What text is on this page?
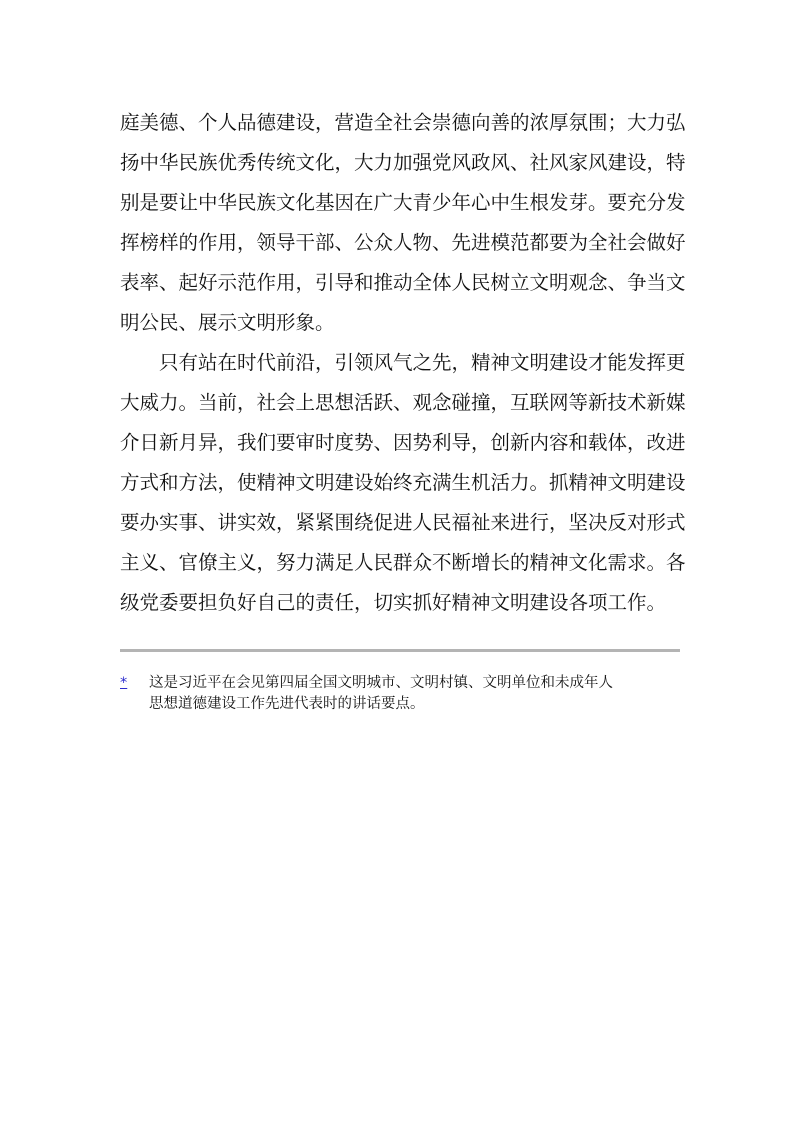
庭美德、个人品德建设，营造全社会崇德向善的浓厚氛围；大力弘
扬中华民族优秀传统文化，大力加强党风政风、社风家风建设，特
别是要让中华民族文化基因在广大青少年心中生根发芽。要充分发
挥榜样的作用，领导干部、公众人物、先进模范都要为全社会做好
表率、起好示范作用，引导和推动全体人民树立文明观念、争当文
明公民、展示文明形象。
只有站在时代前沿，引领风气之先，精神文明建设才能发挥更
大威力。当前，社会上思想活跃、观念碰撞，互联网等新技术新媒
介日新月异，我们要审时度势、因势利导，创新内容和载体，改进
方式和方法，使精神文明建设始终充满生机活力。抓精神文明建设
要办实事、讲实效，紧紧围绕促进人民福祉来进行，坚决反对形式
主义、官僚主义，努力满足人民群众不断增长的精神文化需求。各
级党委要担负好自己的责任，切实抓好精神文明建设各项工作。
* 这是习近平在会见第四届全国文明城市、文明村镇、文明单位和未成年人
思想道德建设工作先进代表时的讲话要点。
